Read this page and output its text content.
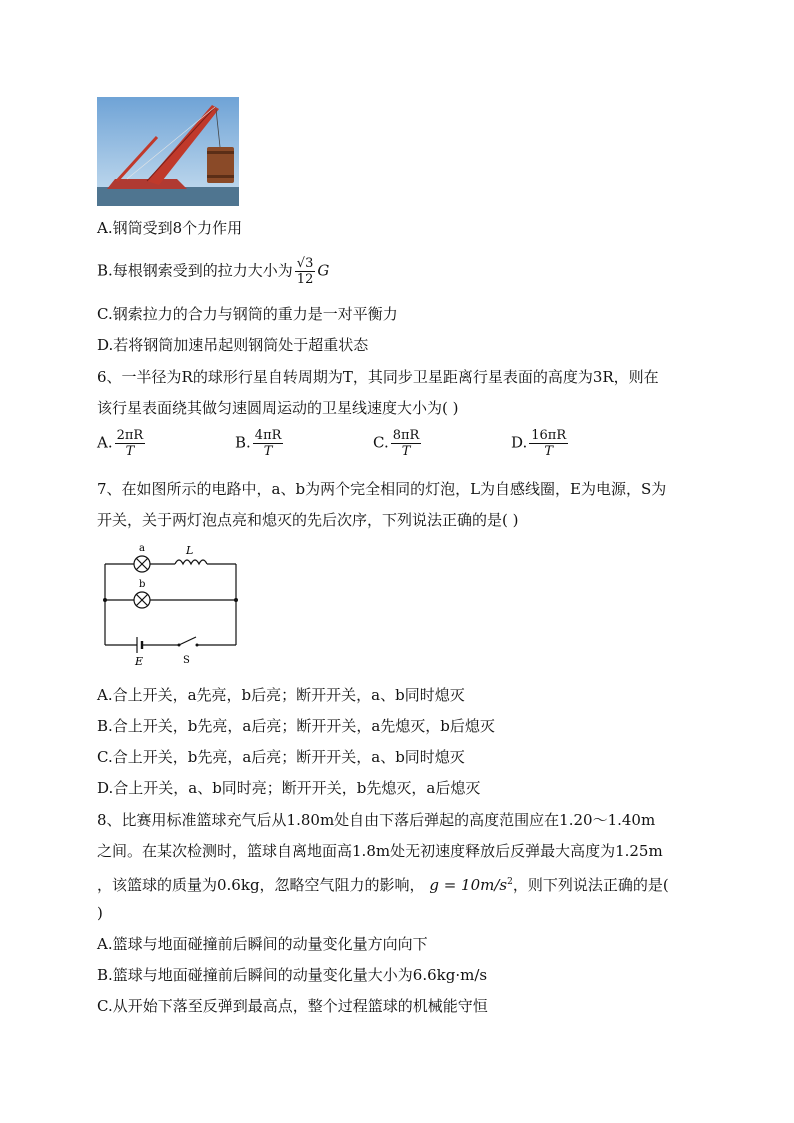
A.钢筒受到8个力作用
B.每根钢索受到的拉力大小为 $\frac{√3}{12}$ G
C.钢索拉力的合力与钢筒的重力是一对平衡力
D.若将钢筒加速吊起则钢筒处于超重状态
6、一半径为R的球形行星自转周期为T，其同步卫星距离行星表面的高度为3R，则在
该行星表面绕其做匀速圆周运动的卫星线速度大小为( )
A. $\frac{2\pi R}{T}$	B. $\frac{4\pi R}{T}$	C. $\frac{8\pi R}{T}$	D. $\frac{16\pi R}{T}$
7、在如图所示的电路中，a、b为两个完全相同的灯泡，L为自感线圈，E为电源，S为
开关，关于两灯泡点亮和熄灭的先后次序，下列说法正确的是( )
a
b
L
E	S
A.合上开关，a先亮，b后亮；断开开关，a、b同时熄灭
B.合上开关，b先亮，a后亮；断开开关，a先熄灭，b后熄灭
C.合上开关，b先亮，a后亮；断开开关，a、b同时熄灭
D.合上开关，a、b同时亮；断开开关，b先熄灭，a后熄灭
8、比赛用标准篮球充气后从1.80m处自由下落后弹起的高度范围应在1.20～1.40m
之间。在某次检测时，篮球自离地面高1.8m处无初速度释放后反弹最大高度为1.25m
，该篮球的质量为0.6kg，忽略空气阻力的影响， $g = 10m/s^2$，则下列说法正确的是(
)
A.篮球与地面碰撞前后瞬间的动量变化量方向向下
B.篮球与地面碰撞前后瞬间的动量变化量大小为6.6kg·m/s
C.从开始下落至反弹到最高点，整个过程篮球的机械能守恒
